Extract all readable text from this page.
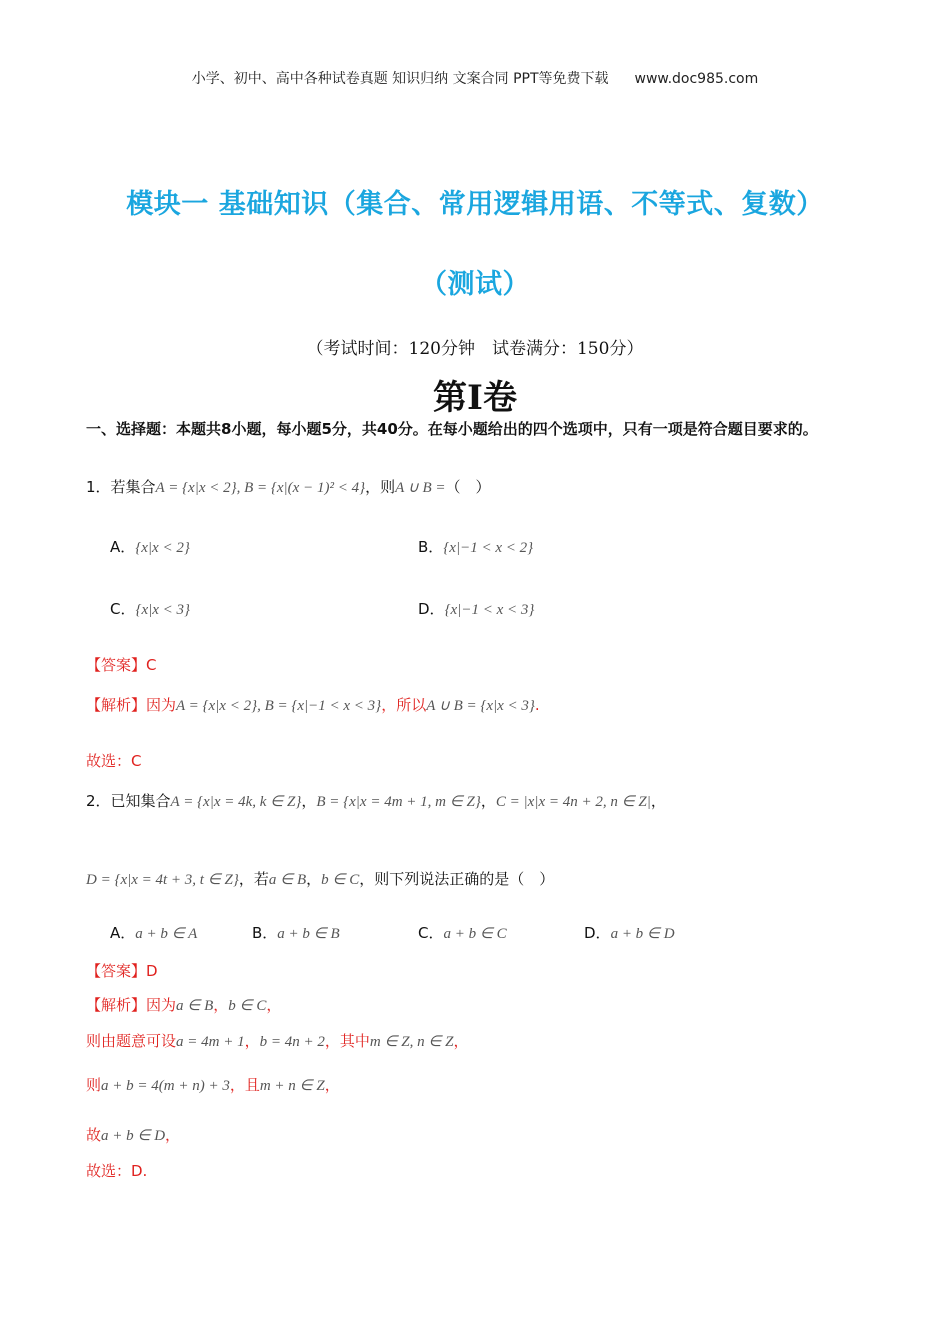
小学、初中、高中各种试卷真题 知识归纳 文案合同 PPT等免费下载 www.doc985.com
模块一 基础知识（集合、常用逻辑用语、不等式、复数）
（测试）
（考试时间：120分钟　试卷满分：150分）
第Ⅰ卷
一、选择题：本题共8小题，每小题5分，共40分。在每小题给出的四个选项中，只有一项是符合题目要求的。
1．若集合A = {x|x < 2}, B = {x|(x − 1)² < 4}，则A ∪ B =（　）
A．{x|x < 2}	B．{x|−1 < x < 2}
C．{x|x < 3}	D．{x|−1 < x < 3}
【答案】C
【解析】因为A = {x|x < 2}, B = {x|−1 < x < 3}，所以A ∪ B = {x|x < 3}.
故选：C
2．已知集合A = {x|x = 4k, k ∈ Z}，B = {x|x = 4m + 1, m ∈ Z}，C = |x|x = 4n + 2, n ∈ Z|，
D = {x|x = 4t + 3, t ∈ Z}，若a ∈ B，b ∈ C，则下列说法正确的是（　）
A．a + b ∈ A	B．a + b ∈ B	C．a + b ∈ C	D．a + b ∈ D
【答案】D
【解析】因为a ∈ B，b ∈ C，
则由题意可设a = 4m + 1，b = 4n + 2，其中m ∈ Z, n ∈ Z，
则a + b = 4(m + n) + 3，且m + n ∈ Z，
故a + b ∈ D，
故选：D.
